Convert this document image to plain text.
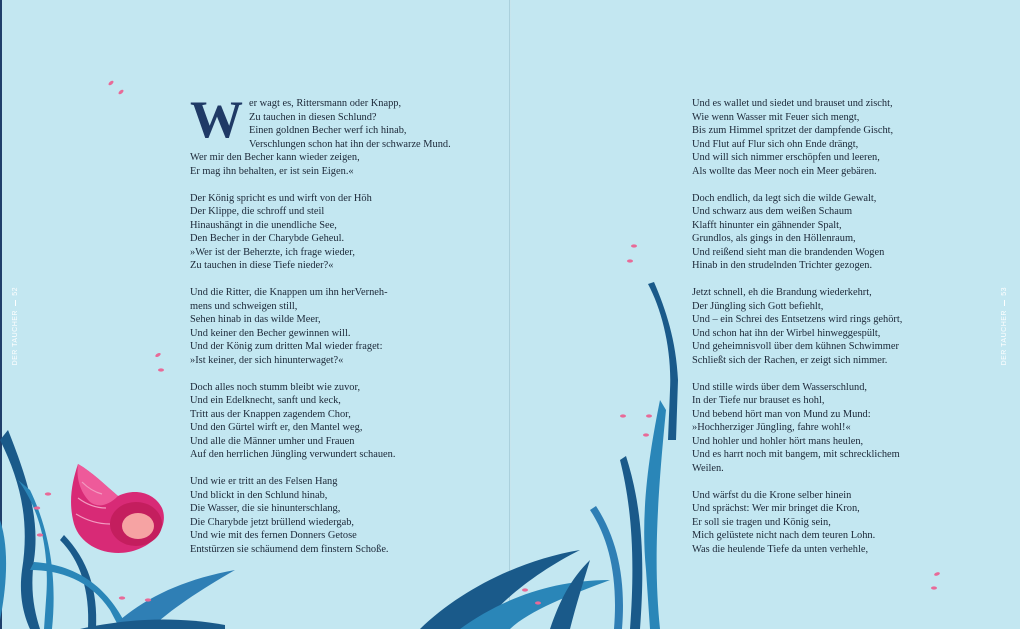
52
DER TAUCHER
53
DER TAUCHER
W er wagt es, Rittersmann oder Knapp,
Zu tauchen in diesen Schlund?
Einen goldnen Becher werf ich hinab,
Verschlungen schon hat ihn der schwarze Mund.
Wer mir den Becher kann wieder zeigen,
Er mag ihn behalten, er ist sein Eigen.«
Der König spricht es und wirft von der Höh
Der Klippe, die schroff und steil
Hinaushängt in die unendliche See,
Den Becher in der Charybde Geheul.
»Wer ist der Beherzte, ich frage wieder,
Zu tauchen in diese Tiefe nieder?«
Und die Ritter, die Knappen um ihn herVerneh-
mens und schweigen still,
Sehen hinab in das wilde Meer,
Und keiner den Becher gewinnen will.
Und der König zum dritten Mal wieder fraget:
»Ist keiner, der sich hinunterwaget?«
Doch alles noch stumm bleibt wie zuvor,
Und ein Edelknecht, sanft und keck,
Tritt aus der Knappen zagendem Chor,
Und den Gürtel wirft er, den Mantel weg,
Und alle die Männer umher und Frauen
Auf den herrlichen Jüngling verwundert schauen.
Und wie er tritt an des Felsen Hang
Und blickt in den Schlund hinab,
Die Wasser, die sie hinunterschlang,
Die Charybde jetzt brüllend wiedergab,
Und wie mit des fernen Donners Getose
Entstürzen sie schäumend dem finstern Schoße.
Und es wallet und siedet und brauset und zischt,
Wie wenn Wasser mit Feuer sich mengt,
Bis zum Himmel spritzet der dampfende Gischt,
Und Flut auf Flur sich ohn Ende drängt,
Und will sich nimmer erschöpfen und leeren,
Als wollte das Meer noch ein Meer gebären.
Doch endlich, da legt sich die wilde Gewalt,
Und schwarz aus dem weißen Schaum
Klafft hinunter ein gähnender Spalt,
Grundlos, als gings in den Höllenraum,
Und reißend sieht man die brandenden Wogen
Hinab in den strudelnden Trichter gezogen.
Jetzt schnell, eh die Brandung wiederkehrt,
Der Jüngling sich Gott befiehlt,
Und – ein Schrei des Entsetzens wird rings gehört,
Und schon hat ihn der Wirbel hinweggespült,
Und geheimnisvoll über dem kühnen Schwimmer
Schließt sich der Rachen, er zeigt sich nimmer.
Und stille wirds über dem Wasserschlund,
In der Tiefe nur brauset es hohl,
Und bebend hört man von Mund zu Mund:
»Hochherziger Jüngling, fahre wohl!«
Und hohler und hohler hört mans heulen,
Und es harrt noch mit bangem, mit schrecklichem
Weilen.
Und wärfst du die Krone selber hinein
Und sprächst: Wer mir bringet die Kron,
Er soll sie tragen und König sein,
Mich gelüstete nicht nach dem teuren Lohn.
Was die heulende Tiefe da unten verhehle,
